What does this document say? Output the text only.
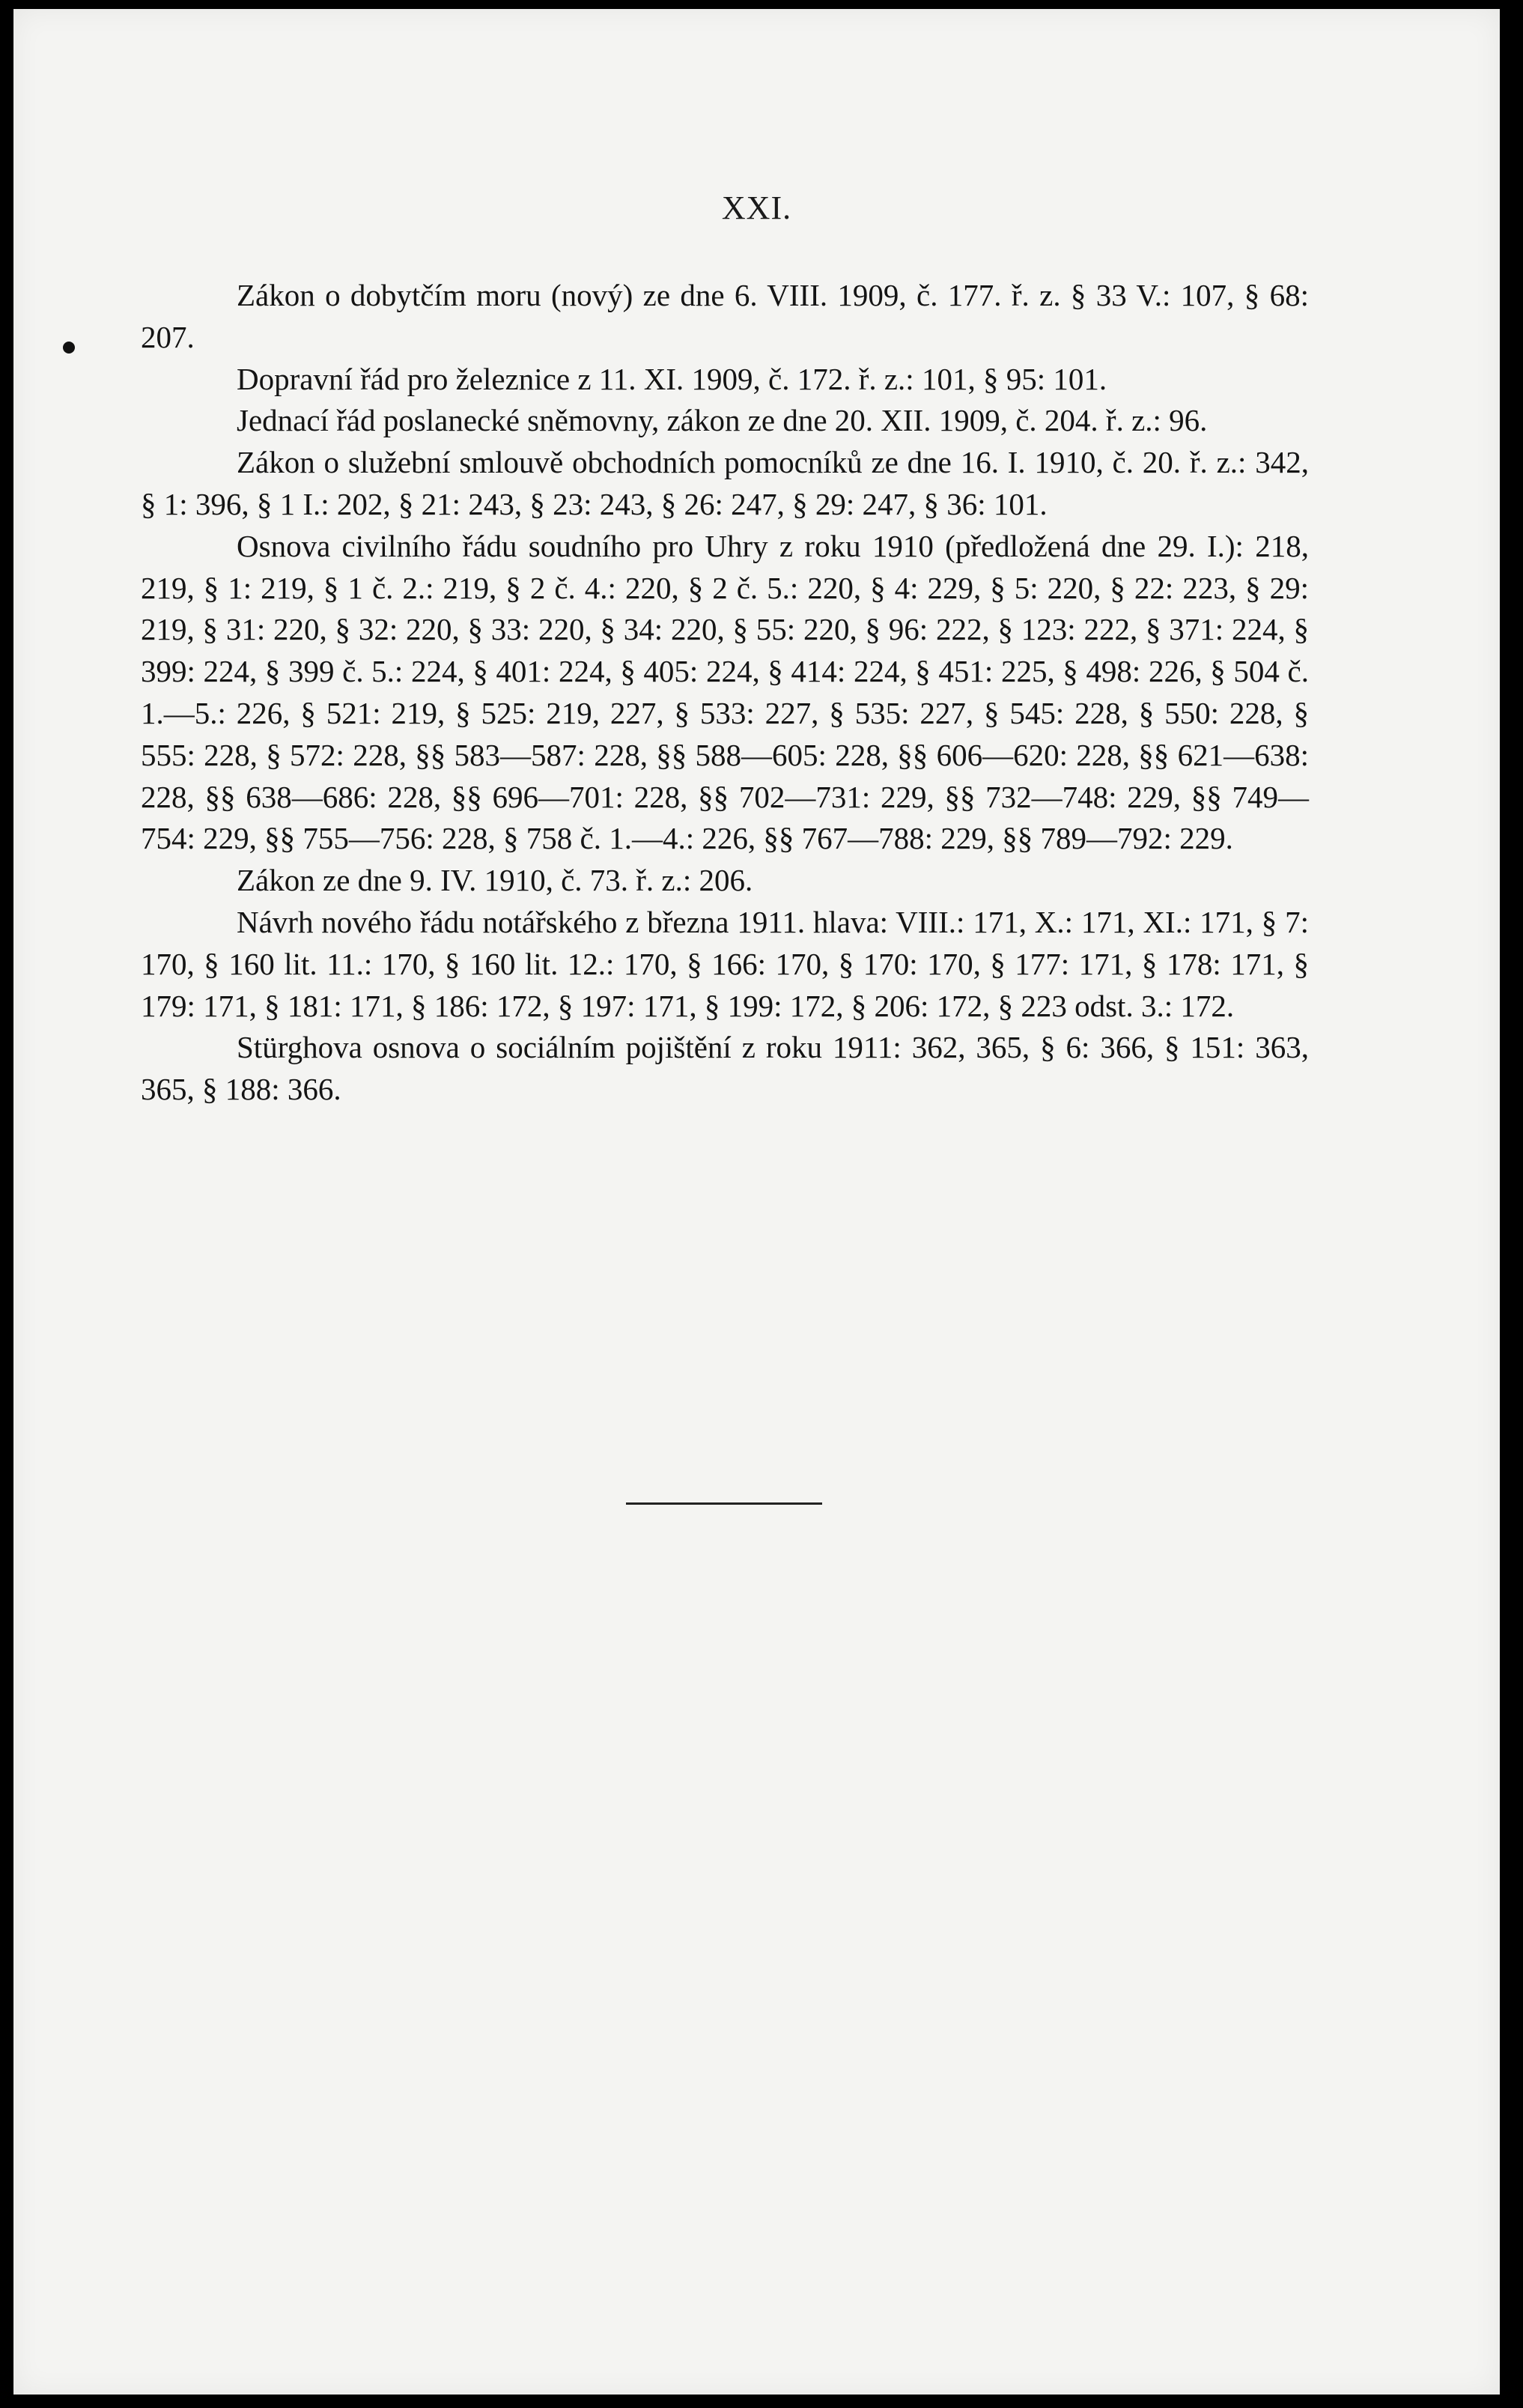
XXI.

Zákon o dobytčím moru (nový) ze dne 6. VIII. 1909, č. 177. ř. z. § 33 V.: 107, § 68: 207.

Dopravní řád pro železnice z 11. XI. 1909, č. 172. ř. z.: 101, § 95: 101.

Jednací řád poslanecké sněmovny, zákon ze dne 20. XII. 1909, č. 204. ř. z.: 96.

Zákon o služební smlouvě obchodních pomocníků ze dne 16. I. 1910, č. 20. ř. z.: 342, § 1: 396, § 1 I.: 202, § 21: 243, § 23: 243, § 26: 247, § 29: 247, § 36: 101.

Osnova civilního řádu soudního pro Uhry z roku 1910 (předložená dne 29. I.): 218, 219, § 1: 219, § 1 č. 2.: 219, § 2 č. 4.: 220, § 2 č. 5.: 220, § 4: 229, § 5: 220, § 22: 223, § 29: 219, § 31: 220, § 32: 220, § 33: 220, § 34: 220, § 55: 220, § 96: 222, § 123: 222, § 371: 224, § 399: 224, § 399 č. 5.: 224, § 401: 224, § 405: 224, § 414: 224, § 451: 225, § 498: 226, § 504 č. 1.—5.: 226, § 521: 219, § 525: 219, 227, § 533: 227, § 535: 227, § 545: 228, § 550: 228, § 555: 228, § 572: 228, §§ 583—587: 228, §§ 588—605: 228, §§ 606—620: 228, §§ 621—638: 228, §§ 638—686: 228, §§ 696—701: 228, §§ 702—731: 229, §§ 732—748: 229, §§ 749—754: 229, §§ 755—756: 228, § 758 č. 1.—4.: 226, §§ 767—788: 229, §§ 789—792: 229.

Zákon ze dne 9. IV. 1910, č. 73. ř. z.: 206.

Návrh nového řádu notářského z března 1911. hlava: VIII.: 171, X.: 171, XI.: 171, § 7: 170, § 160 lit. 11.: 170, § 160 lit. 12.: 170, § 166: 170, § 170: 170, § 177: 171, § 178: 171, § 179: 171, § 181: 171, § 186: 172, § 197: 171, § 199: 172, § 206: 172, § 223 odst. 3.: 172.

Stürghova osnova o sociálním pojištění z roku 1911: 362, 365, § 6: 366, § 151: 363, 365, § 188: 366.
